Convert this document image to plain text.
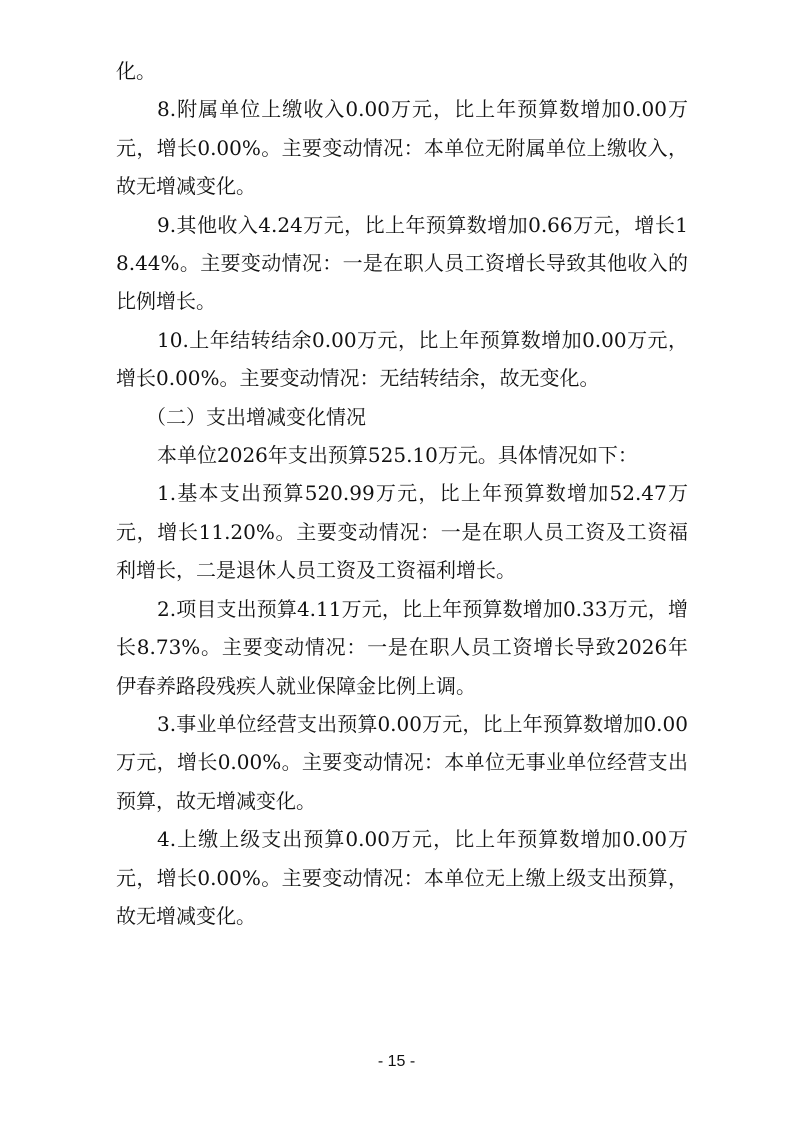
化。

8.附属单位上缴收入0.00万元，比上年预算数增加0.00万元，增长0.00%。主要变动情况：本单位无附属单位上缴收入，故无增减变化。

9.其他收入4.24万元，比上年预算数增加0.66万元，增长18.44%。主要变动情况：一是在职人员工资增长导致其他收入的比例增长。

10.上年结转结余0.00万元，比上年预算数增加0.00万元，增长0.00%。主要变动情况：无结转结余，故无变化。

（二）支出增减变化情况

本单位2026年支出预算525.10万元。具体情况如下：

1.基本支出预算520.99万元，比上年预算数增加52.47万元，增长11.20%。主要变动情况：一是在职人员工资及工资福利增长，二是退休人员工资及工资福利增长。

2.项目支出预算4.11万元，比上年预算数增加0.33万元，增长8.73%。主要变动情况：一是在职人员工资增长导致2026年伊春养路段残疾人就业保障金比例上调。

3.事业单位经营支出预算0.00万元，比上年预算数增加0.00万元，增长0.00%。主要变动情况：本单位无事业单位经营支出预算，故无增减变化。

4.上缴上级支出预算0.00万元，比上年预算数增加0.00万元，增长0.00%。主要变动情况：本单位无上缴上级支出预算，故无增减变化。

- 15 -
